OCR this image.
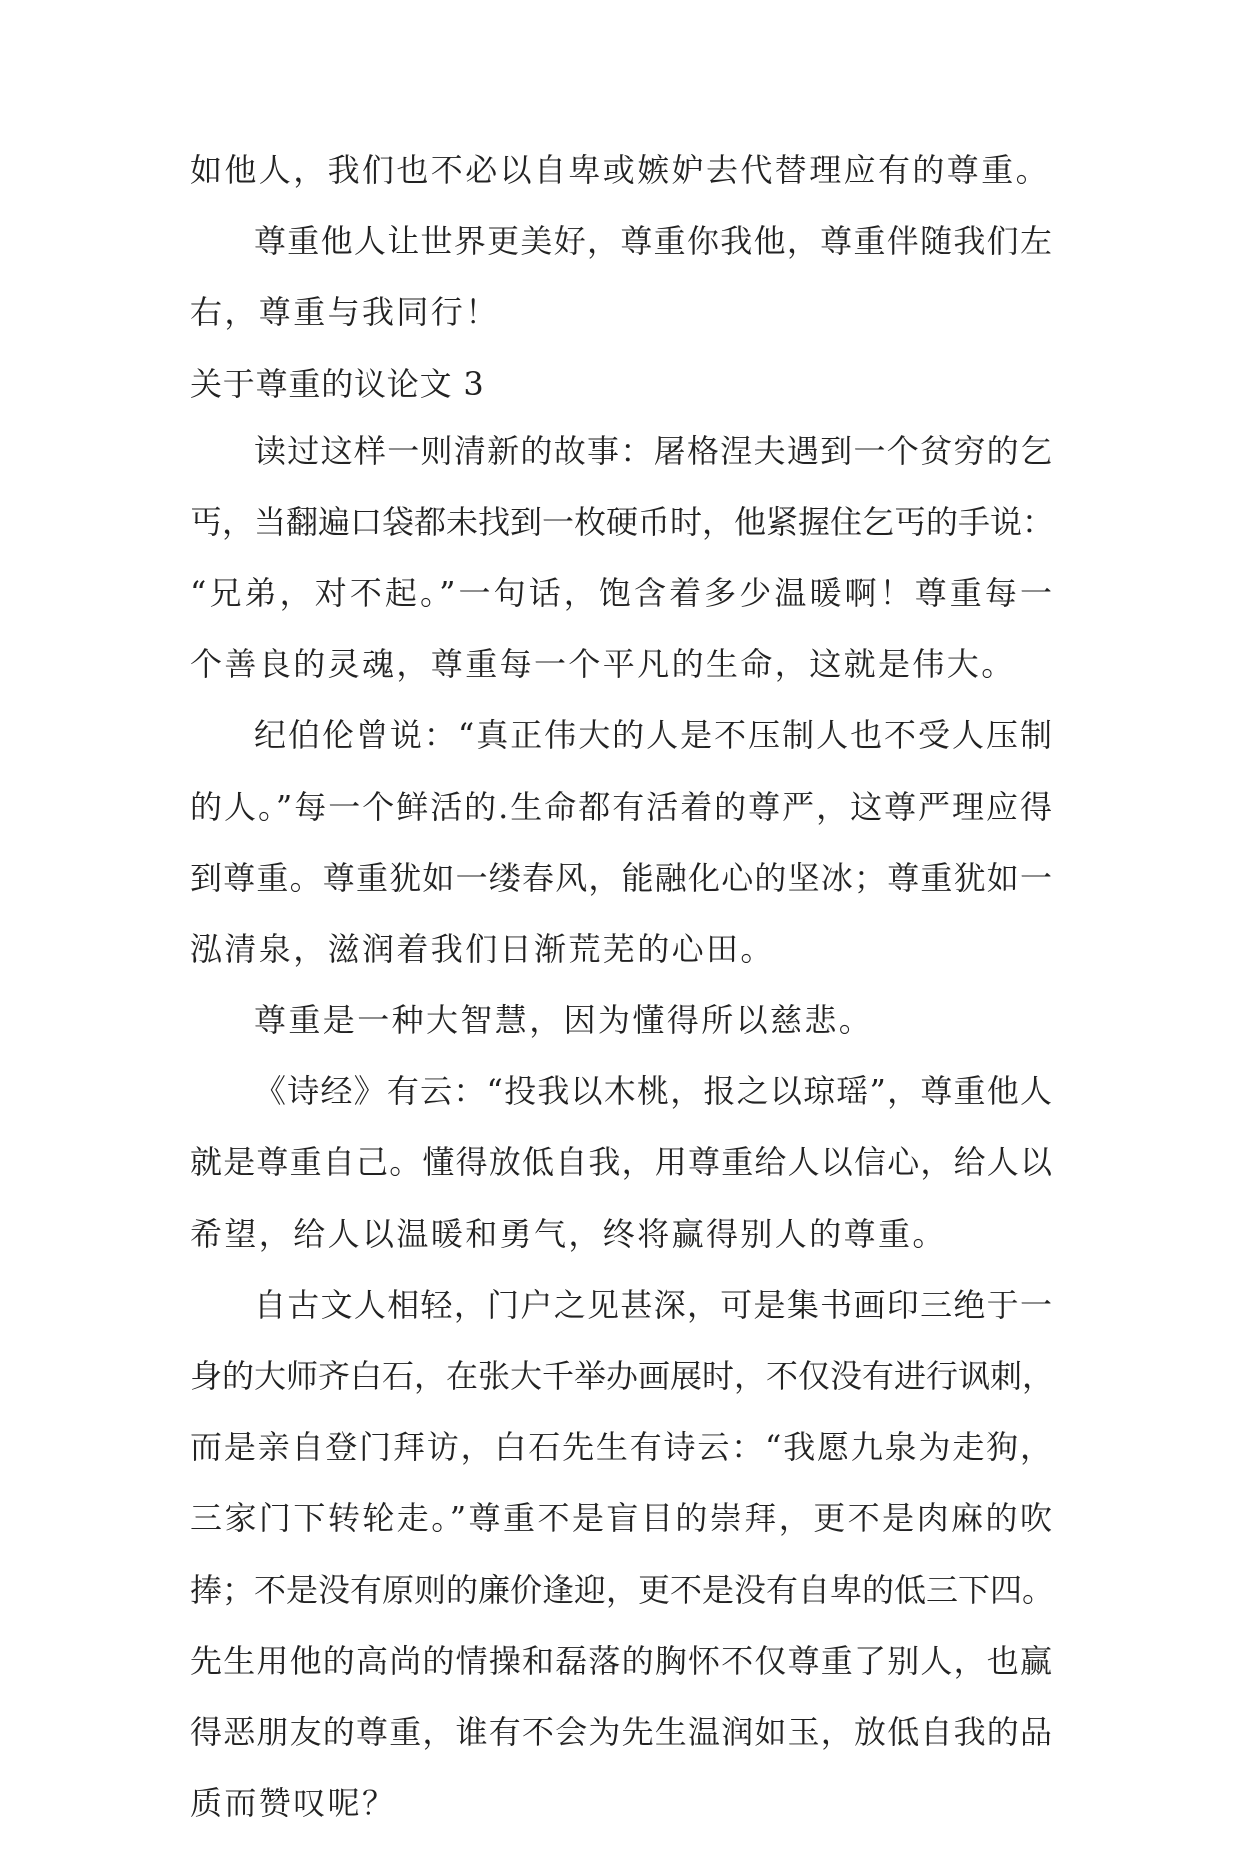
如他人，我们也不必以自卑或嫉妒去代替理应有的尊重。
尊重他人让世界更美好，尊重你我他，尊重伴随我们左
右，尊重与我同行！
关于尊重的议论文 3
读过这样一则清新的故事：屠格涅夫遇到一个贫穷的乞
丐，当翻遍口袋都未找到一枚硬币时，他紧握住乞丐的手说：
“兄弟，对不起。”一句话，饱含着多少温暖啊！尊重每一
个善良的灵魂，尊重每一个平凡的生命，这就是伟大。
纪伯伦曾说：“真正伟大的人是不压制人也不受人压制
的人。”每一个鲜活的.生命都有活着的尊严，这尊严理应得
到尊重。尊重犹如一缕春风，能融化心的坚冰；尊重犹如一
泓清泉，滋润着我们日渐荒芜的心田。
尊重是一种大智慧，因为懂得所以慈悲。
《诗经》有云：“投我以木桃，报之以琼瑶”，尊重他人
就是尊重自己。懂得放低自我，用尊重给人以信心，给人以
希望，给人以温暖和勇气，终将赢得别人的尊重。
自古文人相轻，门户之见甚深，可是集书画印三绝于一
身的大师齐白石，在张大千举办画展时，不仅没有进行讽刺，
而是亲自登门拜访，白石先生有诗云：“我愿九泉为走狗，
三家门下转轮走。”尊重不是盲目的崇拜，更不是肉麻的吹
捧；不是没有原则的廉价逢迎，更不是没有自卑的低三下四。
先生用他的高尚的情操和磊落的胸怀不仅尊重了别人，也赢
得恶朋友的尊重，谁有不会为先生温润如玉，放低自我的品
质而赞叹呢？
